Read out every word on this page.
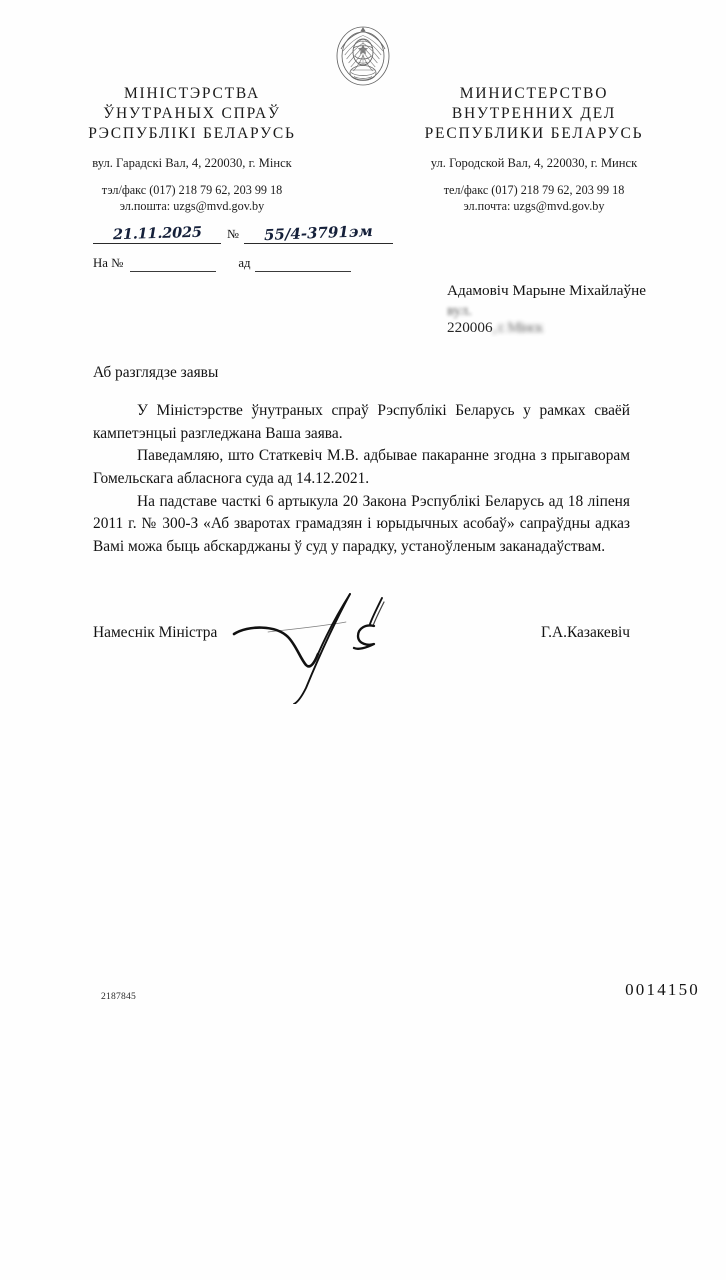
МІНІСТЭРСТВА
ЎНУТРАНЫХ СПРАЎ
РЭСПУБЛІКІ БЕЛАРУСЬ
вул. Гарадскі Вал, 4, 220030, г. Мінск
тэл/факс (017) 218 79 62, 203 99 18
эл.пошта: uzgs@mvd.gov.by
МИНИСТЕРСТВО
ВНУТРЕННИХ ДЕЛ
РЕСПУБЛИКИ БЕЛАРУСЬ
ул. Городской Вал, 4, 220030, г. Минск
тел/факс (017) 218 79 62, 203 99 18
эл.почта: uzgs@mvd.gov.by
21.11.2025	№	55/4-3791эм
На №	ад
Адамовіч Марыне Міхайлаўне
вул.
220006, г. Мінск
Аб разглядзе заявы

У Міністэрстве ўнутраных спраў Рэспублікі Беларусь у рамках сваёй кампетэнцыі разгледжана Ваша заява.

Паведамляю, што Статкевіч М.В. адбывае пакаранне згодна з прыгаворам Гомельскага абласнога суда ад 14.12.2021.

На падставе часткі 6 артыкула 20 Закона Рэспублікі Беларусь ад 18 ліпеня 2011 г. № 300-З «Аб зваротах грамадзян і юрыдычных асобаў» сапраўдны адказ Вамі можа быць абскарджаны ў суд у парадку, устаноўленым заканадаўствам.

Намеснік Міністра	Г.А.Казакевіч
2187845	0014150
